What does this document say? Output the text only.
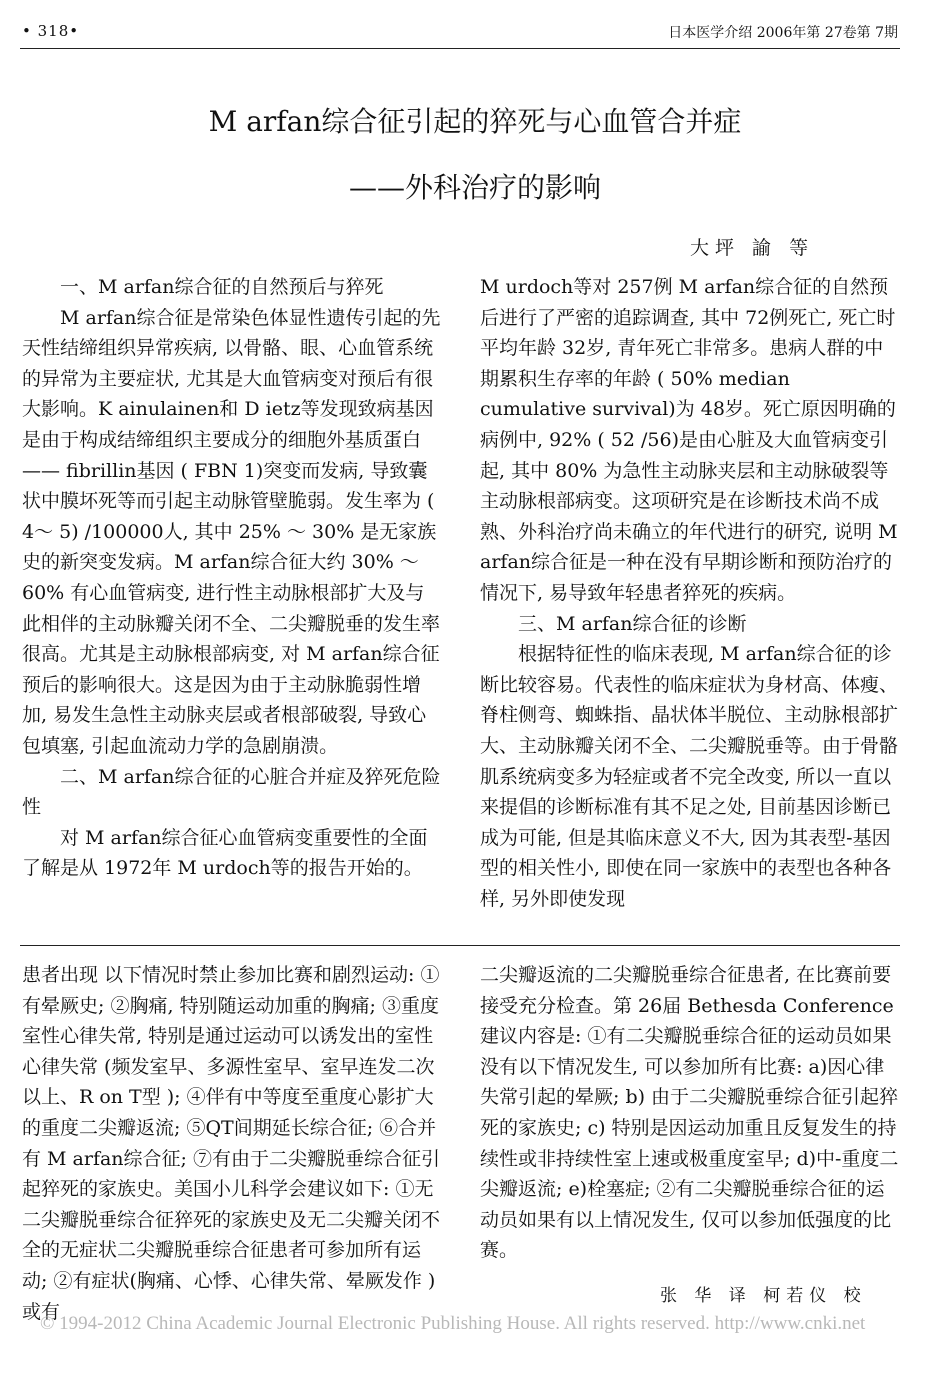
• 318•	日本医学介绍 2006年第 27卷第 7期
M arfan综合征引起的猝死与心血管合并症
——外科治疗的影响
大坪 諭 等

一、M arfan综合征的自然预后与猝死

M arfan综合征是常染色体显性遗传引起的先天性结缔组织异常疾病, 以骨骼、眼、心血管系统的异常为主要症状, 尤其是大血管病变对预后有很大影响。K ainulainen和 D ietz等发现致病基因是由于构成结缔组织主要成分的细胞外基质蛋白 —— fibrillin基因 ( FBN 1)突变而发病, 导致囊状中膜坏死等而引起主动脉管壁脆弱。发生率为 ( 4～ 5) /100000人, 其中 25% ～ 30% 是无家族史的新突变发病。M arfan综合征大约 30% ～ 60% 有心血管病变, 进行性主动脉根部扩大及与此相伴的主动脉瓣关闭不全、二尖瓣脱垂的发生率很高。尤其是主动脉根部病变, 对 M arfan综合征预后的影响很大。这是因为由于主动脉脆弱性增加, 易发生急性主动脉夹层或者根部破裂, 导致心包填塞, 引起血流动力学的急剧崩溃。

二、M arfan综合征的心脏合并症及猝死危险性

对 M arfan综合征心血管病变重要性的全面了解是从 1972年 M urdoch等的报告开始的。

M urdoch等对 257例 M arfan综合征的自然预后进行了严密的追踪调查, 其中 72例死亡, 死亡时平均年龄 32岁, 青年死亡非常多。患病人群的中期累积生存率的年龄 ( 50% median cumulative survival)为 48岁。死亡原因明确的病例中, 92% ( 52 /56)是由心脏及大血管病变引起, 其中 80% 为急性主动脉夹层和主动脉破裂等主动脉根部病变。这项研究是在诊断技术尚不成熟、外科治疗尚未确立的年代进行的研究, 说明 M arfan综合征是一种在没有早期诊断和预防治疗的情况下, 易导致年轻患者猝死的疾病。

三、M arfan综合征的诊断

根据特征性的临床表现, M arfan综合征的诊断比较容易。代表性的临床症状为身材高、体瘦、脊柱侧弯、蜘蛛指、晶状体半脱位、主动脉根部扩大、主动脉瓣关闭不全、二尖瓣脱垂等。由于骨骼肌系统病变多为轻症或者不完全改变, 所以一直以来提倡的诊断标准有其不足之处, 目前基因诊断已成为可能, 但是其临床意义不大, 因为其表型-基因型的相关性小, 即使在同一家族中的表型也各种各样, 另外即使发现

患者出现 以下情况时禁止参加比赛和剧烈运动: ①有晕厥史; ②胸痛, 特别随运动加重的胸痛; ③重度室性心律失常, 特别是通过运动可以诱发出的室性心律失常 (频发室早、多源性室早、室早连发二次以上、R on T型 ); ④伴有中等度至重度心影扩大的重度二尖瓣返流; ⑤QT间期延长综合征; ⑥合并有 M arfan综合征; ⑦有由于二尖瓣脱垂综合征引起猝死的家族史。美国小儿科学会建议如下: ①无二尖瓣脱垂综合征猝死的家族史及无二尖瓣关闭不全的无症状二尖瓣脱垂综合征患者可参加所有运动; ②有症状(胸痛、心悸、心律失常、晕厥发作 )或有

二尖瓣返流的二尖瓣脱垂综合征患者, 在比赛前要接受充分检查。第 26届 Bethesda Conference建议内容是: ①有二尖瓣脱垂综合征的运动员如果没有以下情况发生, 可以参加所有比赛: a)因心律失常引起的晕厥; b) 由于二尖瓣脱垂综合征引起猝死的家族史; c) 特别是因运动加重且反复发生的持续性或非持续性室上速或极重度室早; d)中-重度二尖瓣返流; e)栓塞症; ②有二尖瓣脱垂综合征的运动员如果有以上情况发生, 仅可以参加低强度的比赛。

张 华 译 柯若仪 校
© 1994-2012 China Academic Journal Electronic Publishing House. All rights reserved. http://www.cnki.net
